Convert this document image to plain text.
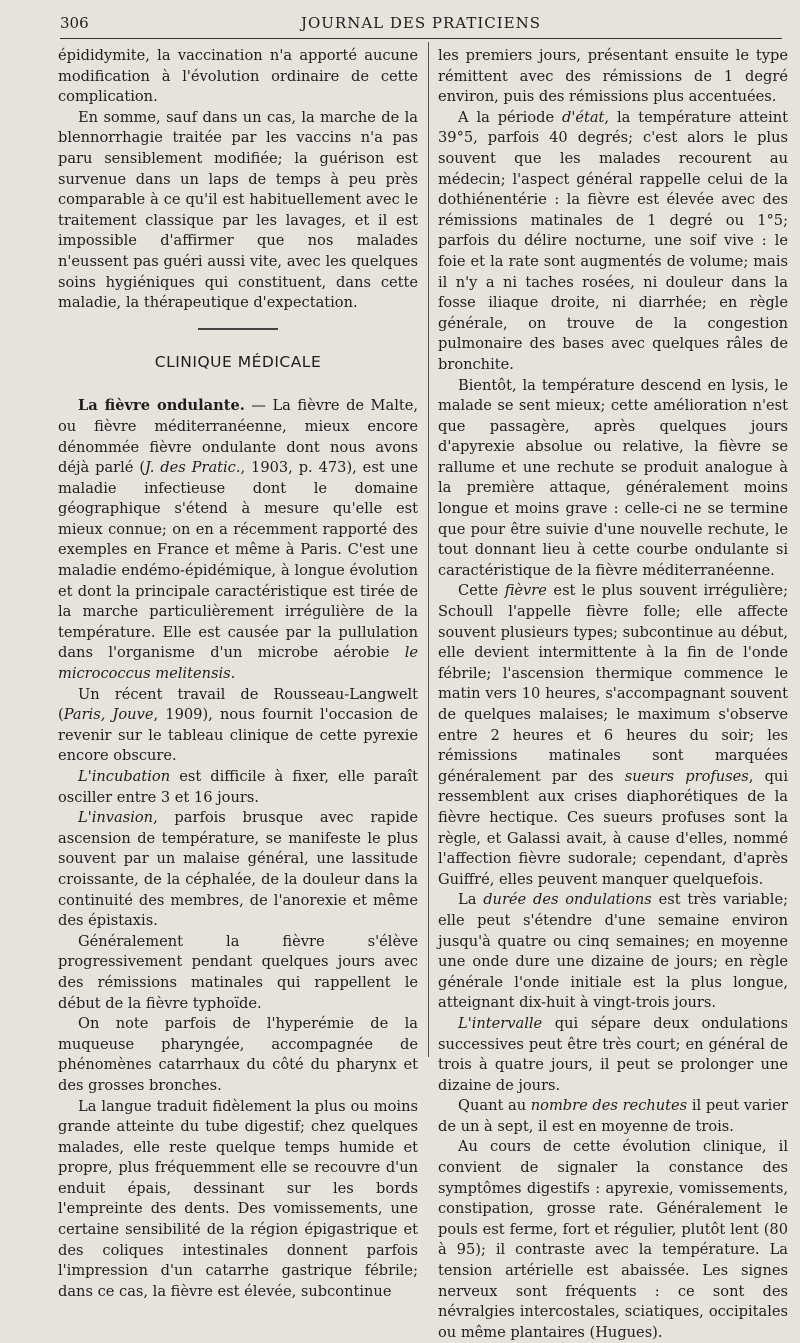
306	JOURNAL DES PRATICIENS

épididymite, la vaccination n'a apporté aucune modification à l'évolution ordinaire de cette complication.

En somme, sauf dans un cas, la marche de la blennorrhagie traitée par les vaccins n'a pas paru sensiblement modifiée; la guérison est survenue dans un laps de temps à peu près comparable à ce qu'il est habituellement avec le traitement classique par les lavages, et il est impossible d'affirmer que nos malades n'eussent pas guéri aussi vite, avec les quelques soins hygiéniques qui constituent, dans cette maladie, la thérapeutique d'expectation.

CLINIQUE MÉDICALE

La fièvre ondulante. — La fièvre de Malte, ou fièvre méditerranéenne, mieux encore dénommée fièvre ondulante dont nous avons déjà parlé (J. des Pratic., 1903, p. 473), est une maladie infectieuse dont le domaine géographique s'étend à mesure qu'elle est mieux connue; on en a récemment rapporté des exemples en France et même à Paris. C'est une maladie endémo-épidémique, à longue évolution et dont la principale caractéristique est tirée de la marche particulièrement irrégulière de la température. Elle est causée par la pullulation dans l'organisme d'un microbe aérobie le micrococcus melitensis.

Un récent travail de Rousseau-Langwelt (Paris, Jouve, 1909), nous fournit l'occasion de revenir sur le tableau clinique de cette pyrexie encore obscure.

L'incubation est difficile à fixer, elle paraît osciller entre 3 et 16 jours.

L'invasion, parfois brusque avec rapide ascension de température, se manifeste le plus souvent par un malaise général, une lassitude croissante, de la céphalée, de la douleur dans la continuité des membres, de l'anorexie et même des épistaxis.

Généralement la fièvre s'élève progressivement pendant quelques jours avec des rémissions matinales qui rappellent le début de la fièvre typhoïde.

On note parfois de l'hyperémie de la muqueuse pharyngée, accompagnée de phénomènes catarrhaux du côté du pharynx et des grosses bronches.

La langue traduit fidèlement la plus ou moins grande atteinte du tube digestif; chez quelques malades, elle reste quelque temps humide et propre, plus fréquemment elle se recouvre d'un enduit épais, dessinant sur les bords l'empreinte des dents. Des vomissements, une certaine sensibilité de la région épigastrique et des coliques intestinales donnent parfois l'impression d'un catarrhe gastrique fébrile; dans ce cas, la fièvre est élevée, subcontinue

les premiers jours, présentant ensuite le type rémittent avec des rémissions de 1 degré environ, puis des rémissions plus accentuées.

A la période d'état, la température atteint 39°5, parfois 40 degrés; c'est alors le plus souvent que les malades recourent au médecin; l'aspect général rappelle celui de la dothiénentérie : la fièvre est élevée avec des rémissions matinales de 1 degré ou 1°5; parfois du délire nocturne, une soif vive : le foie et la rate sont augmentés de volume; mais il n'y a ni taches rosées, ni douleur dans la fosse iliaque droite, ni diarrhée; en règle générale, on trouve de la congestion pulmonaire des bases avec quelques râles de bronchite.

Bientôt, la température descend en lysis, le malade se sent mieux; cette amélioration n'est que passagère, après quelques jours d'apyrexie absolue ou relative, la fièvre se rallume et une rechute se produit analogue à la première attaque, généralement moins longue et moins grave : celle-ci ne se termine que pour être suivie d'une nouvelle rechute, le tout donnant lieu à cette courbe ondulante si caractéristique de la fièvre méditerranéenne.

Cette fièvre est le plus souvent irrégulière; Schoull l'appelle fièvre folle; elle affecte souvent plusieurs types; subcontinue au début, elle devient intermittente à la fin de l'onde fébrile; l'ascension thermique commence le matin vers 10 heures, s'accompagnant souvent de quelques malaises; le maximum s'observe entre 2 heures et 6 heures du soir; les rémissions matinales sont marquées généralement par des sueurs profuses, qui ressemblent aux crises diaphorétiques de la fièvre hectique. Ces sueurs profuses sont la règle, et Galassi avait, à cause d'elles, nommé l'affection fièvre sudorale; cependant, d'après Guiffré, elles peuvent manquer quelquefois.

La durée des ondulations est très variable; elle peut s'étendre d'une semaine environ jusqu'à quatre ou cinq semaines; en moyenne une onde dure une dizaine de jours; en règle générale l'onde initiale est la plus longue, atteignant dix-huit à vingt-trois jours.

L'intervalle qui sépare deux ondulations successives peut être très court; en général de trois à quatre jours, il peut se prolonger une dizaine de jours.

Quant au nombre des rechutes il peut varier de un à sept, il est en moyenne de trois.

Au cours de cette évolution clinique, il convient de signaler la constance des symptômes digestifs : apyrexie, vomissements, constipation, grosse rate. Généralement le pouls est ferme, fort et régulier, plutôt lent (80 à 95); il contraste avec la température. La tension artérielle est abaissée. Les signes nerveux sont fréquents : ce sont des névralgies intercostales, sciatiques, occipitales ou même plantaires (Hugues).
